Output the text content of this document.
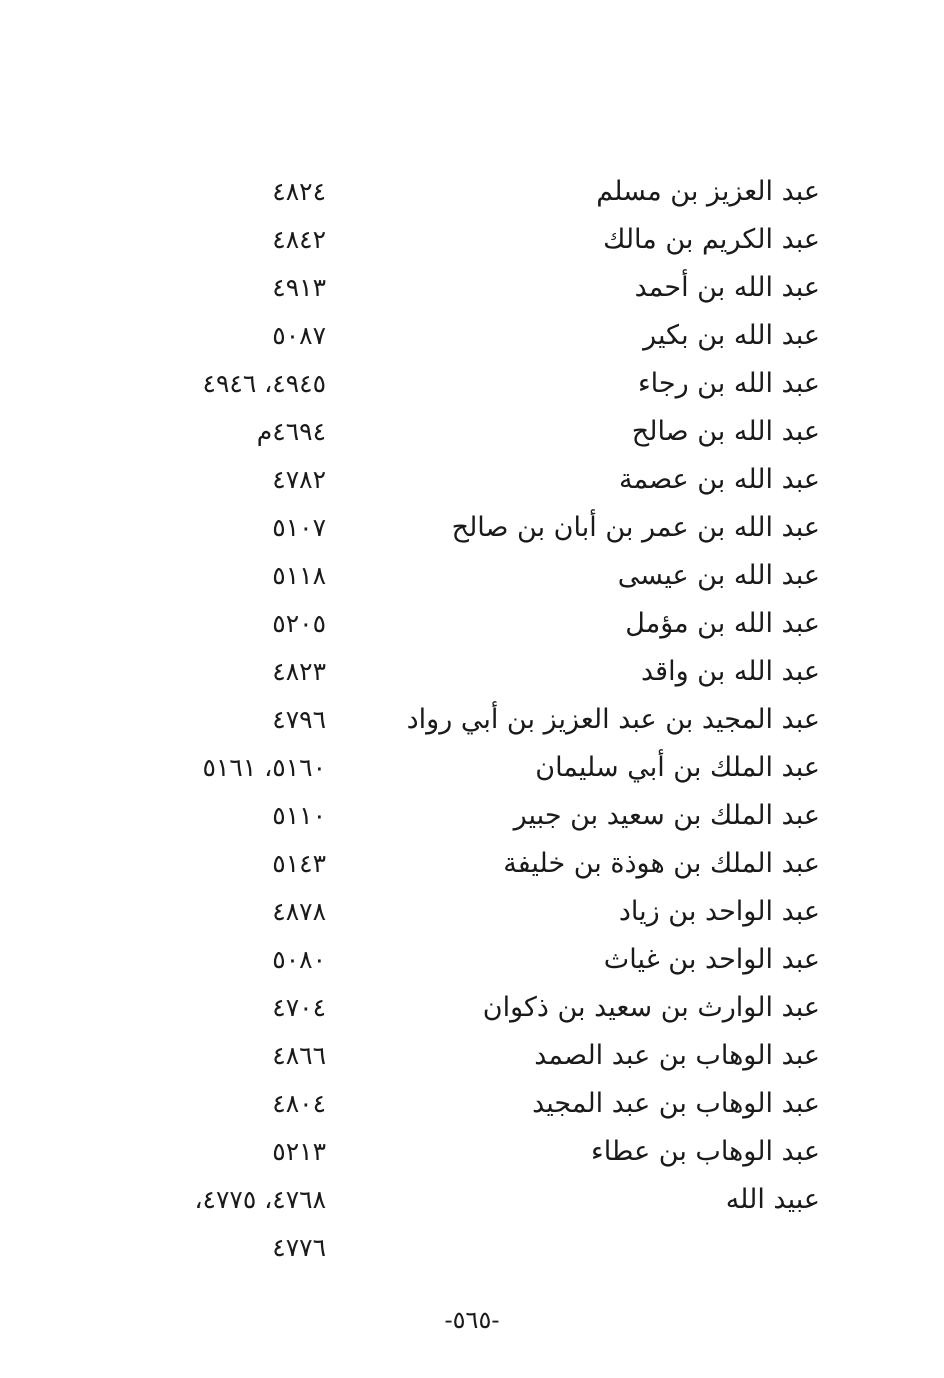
عبد العزيز بن مسلم
٤٨٢٤
عبد الكريم بن مالك
٤٨٤٢
عبد الله بن أحمد
٤٩١٣
عبد الله بن بكير
٥٠٨٧
عبد الله بن رجاء
٤٩٤٥، ٤٩٤٦
عبد الله بن صالح
٤٦٩٤م
عبد الله بن عصمة
٤٧٨٢
عبد الله بن عمر بن أبان بن صالح
٥١٠٧
عبد الله بن عيسى
٥١١٨
عبد الله بن مؤمل
٥٢٠٥
عبد الله بن واقد
٤٨٢٣
عبد المجيد بن عبد العزيز بن أبي رواد
٤٧٩٦
عبد الملك بن أبي سليمان
٥١٦٠، ٥١٦١
عبد الملك بن سعيد بن جبير
٥١١٠
عبد الملك بن هوذة بن خليفة
٥١٤٣
عبد الواحد بن زياد
٤٨٧٨
عبد الواحد بن غياث
٥٠٨٠
عبد الوارث بن سعيد بن ذكوان
٤٧٠٤
عبد الوهاب بن عبد الصمد
٤٨٦٦
عبد الوهاب بن عبد المجيد
٤٨٠٤
عبد الوهاب بن عطاء
٥٢١٣
عبيد الله
٤٧٦٨، ٤٧٧٥،
٤٧٧٦
-٥٦٥-
